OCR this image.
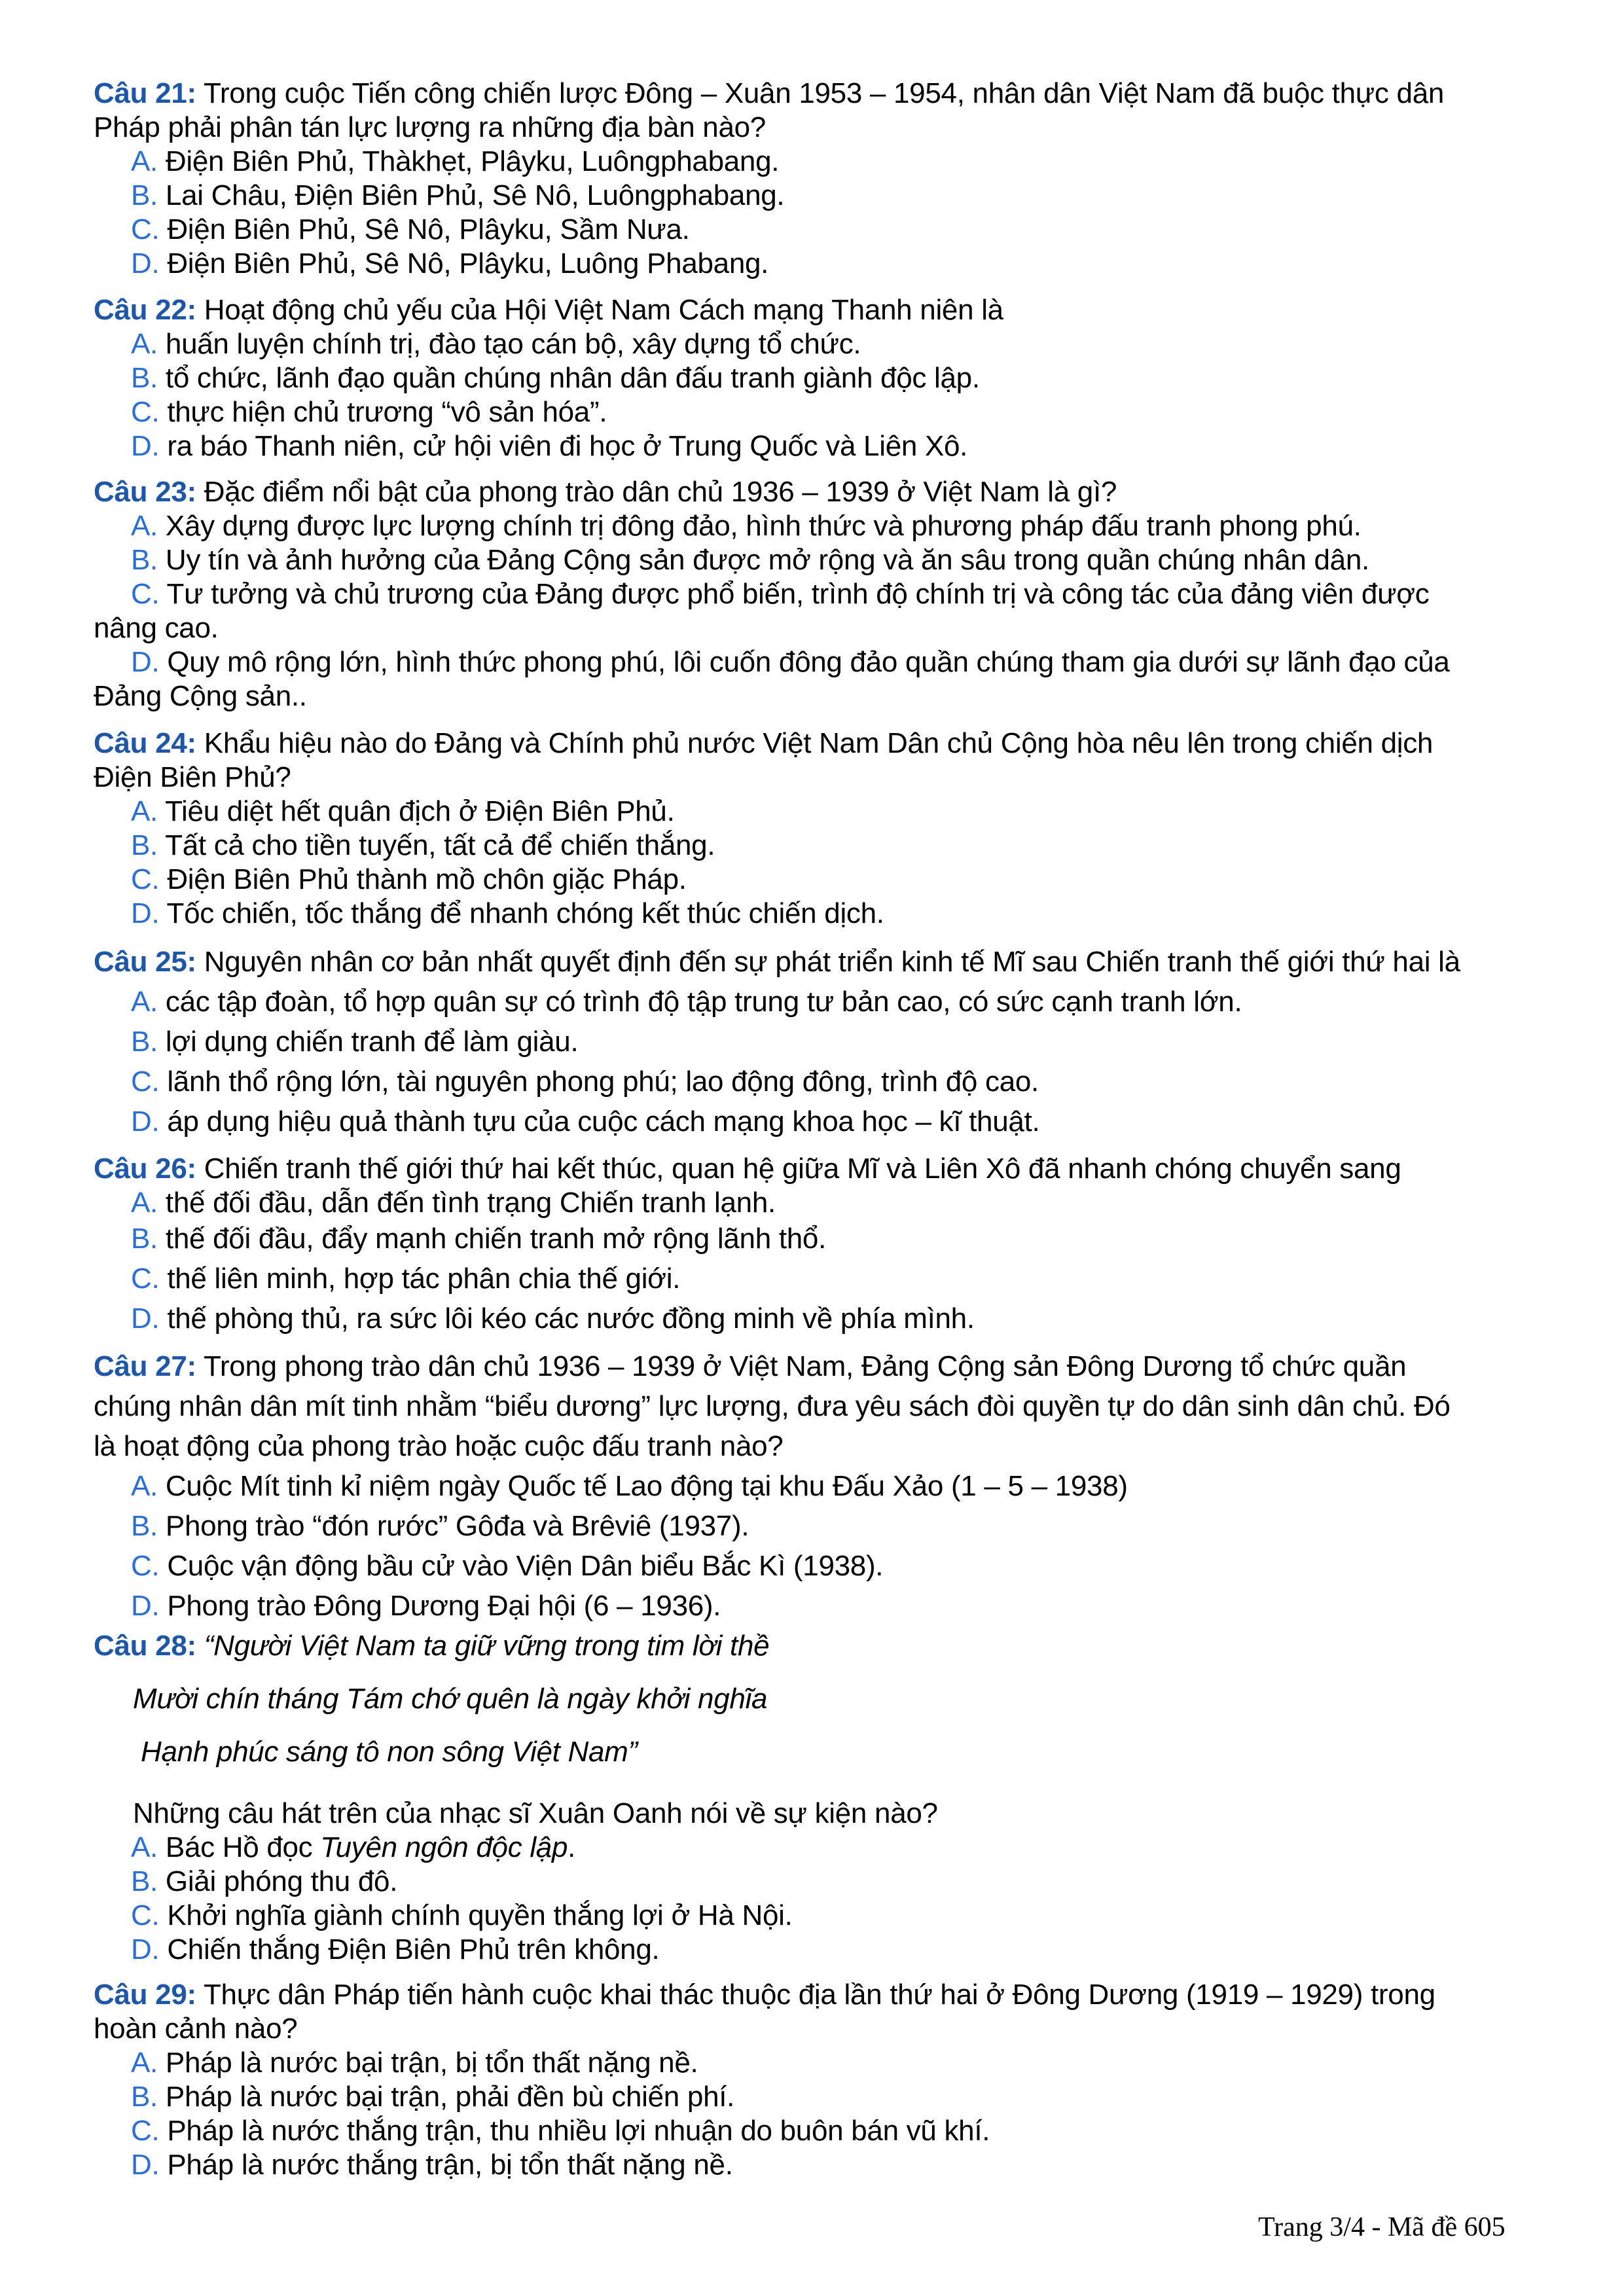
Câu 21: Trong cuộc Tiến công chiến lược Đông – Xuân 1953 – 1954, nhân dân Việt Nam đã buộc thực dân
Pháp phải phân tán lực lượng ra những địa bàn nào?
A. Điện Biên Phủ, Thàkhẹt, Plâyku, Luôngphabang.
B. Lai Châu, Điện Biên Phủ, Sê Nô, Luôngphabang.
C. Điện Biên Phủ, Sê Nô, Plâyku, Sầm Nưa.
D. Điện Biên Phủ, Sê Nô, Plâyku, Luông Phabang.
Câu 22: Hoạt động chủ yếu của Hội Việt Nam Cách mạng Thanh niên là
A. huấn luyện chính trị, đào tạo cán bộ, xây dựng tổ chức.
B. tổ chức, lãnh đạo quần chúng nhân dân đấu tranh giành độc lập.
C. thực hiện chủ trương “vô sản hóa”.
D. ra báo Thanh niên, cử hội viên đi học ở Trung Quốc và Liên Xô.
Câu 23: Đặc điểm nổi bật của phong trào dân chủ 1936 – 1939 ở Việt Nam là gì?
A. Xây dựng được lực lượng chính trị đông đảo, hình thức và phương pháp đấu tranh phong phú.
B. Uy tín và ảnh hưởng của Đảng Cộng sản được mở rộng và ăn sâu trong quần chúng nhân dân.
C. Tư tưởng và chủ trương của Đảng được phổ biến, trình độ chính trị và công tác của đảng viên được
nâng cao.
D. Quy mô rộng lớn, hình thức phong phú, lôi cuốn đông đảo quần chúng tham gia dưới sự lãnh đạo của
Đảng Cộng sản..
Câu 24: Khẩu hiệu nào do Đảng và Chính phủ nước Việt Nam Dân chủ Cộng hòa nêu lên trong chiến dịch
Điện Biên Phủ?
A. Tiêu diệt hết quân địch ở Điện Biên Phủ.
B. Tất cả cho tiền tuyến, tất cả để chiến thắng.
C. Điện Biên Phủ thành mồ chôn giặc Pháp.
D. Tốc chiến, tốc thắng để nhanh chóng kết thúc chiến dịch.
Câu 25: Nguyên nhân cơ bản nhất quyết định đến sự phát triển kinh tế Mĩ sau Chiến tranh thế giới thứ hai là
A. các tập đoàn, tổ hợp quân sự có trình độ tập trung tư bản cao, có sức cạnh tranh lớn.
B. lợi dụng chiến tranh để làm giàu.
C. lãnh thổ rộng lớn, tài nguyên phong phú; lao động đông, trình độ cao.
D. áp dụng hiệu quả thành tựu của cuộc cách mạng khoa học – kĩ thuật.
Câu 26: Chiến tranh thế giới thứ hai kết thúc, quan hệ giữa Mĩ và Liên Xô đã nhanh chóng chuyển sang
A. thế đối đầu, dẫn đến tình trạng Chiến tranh lạnh.
B. thế đối đầu, đẩy mạnh chiến tranh mở rộng lãnh thổ.
C. thế liên minh, hợp tác phân chia thế giới.
D. thế phòng thủ, ra sức lôi kéo các nước đồng minh về phía mình.
Câu 27: Trong phong trào dân chủ 1936 – 1939 ở Việt Nam, Đảng Cộng sản Đông Dương tổ chức quần
chúng nhân dân mít tinh nhằm “biểu dương” lực lượng, đưa yêu sách đòi quyền tự do dân sinh dân chủ. Đó
là hoạt động của phong trào hoặc cuộc đấu tranh nào?
A. Cuộc Mít tinh kỉ niệm ngày Quốc tế Lao động tại khu Đấu Xảo (1 – 5 – 1938)
B. Phong trào “đón rước” Gôđa và Brêviê (1937).
C. Cuộc vận động bầu cử vào Viện Dân biểu Bắc Kì (1938).
D. Phong trào Đông Dương Đại hội (6 – 1936).
Câu 28: “Người Việt Nam ta giữ vững trong tim lời thề
Mười chín tháng Tám chớ quên là ngày khởi nghĩa
Hạnh phúc sáng tô non sông Việt Nam”
Những câu hát trên của nhạc sĩ Xuân Oanh nói về sự kiện nào?
A. Bác Hồ đọc Tuyên ngôn độc lập.
B. Giải phóng thu đô.
C. Khởi nghĩa giành chính quyền thắng lợi ở Hà Nội.
D. Chiến thắng Điện Biên Phủ trên không.
Câu 29: Thực dân Pháp tiến hành cuộc khai thác thuộc địa lần thứ hai ở Đông Dương (1919 – 1929) trong
hoàn cảnh nào?
A. Pháp là nước bại trận, bị tổn thất nặng nề.
B. Pháp là nước bại trận, phải đền bù chiến phí.
C. Pháp là nước thắng trận, thu nhiều lợi nhuận do buôn bán vũ khí.
D. Pháp là nước thắng trận, bị tổn thất nặng nề.
Trang 3/4 - Mã đề 605
